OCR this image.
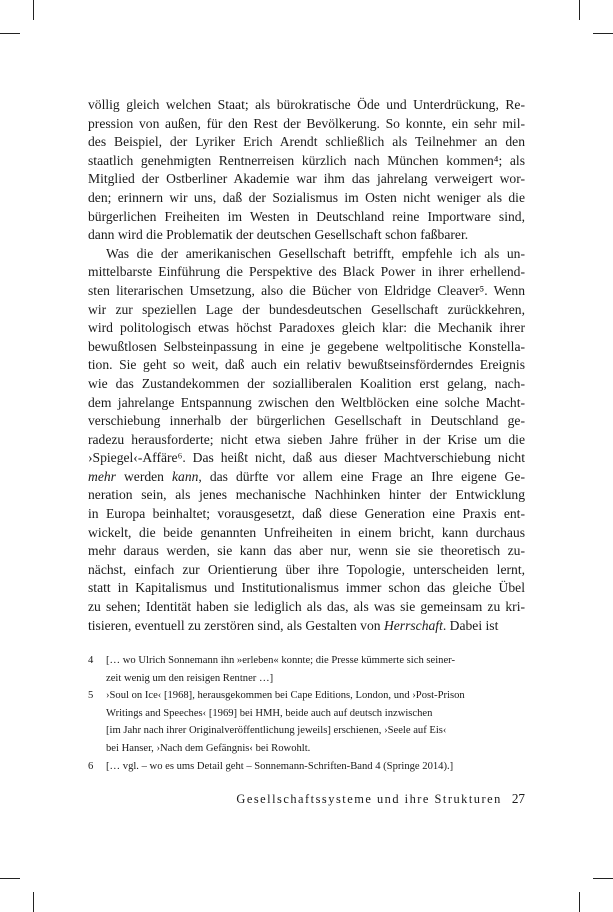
völlig gleich welchen Staat; als bürokratische Öde und Unterdrückung, Re-
pression von außen, für den Rest der Bevölkerung. So konnte, ein sehr mil-
des Beispiel, der Lyriker Erich Arendt schließlich als Teilnehmer an den
staatlich genehmigten Rentnerreisen kürzlich nach München kommen⁴; als
Mitglied der Ostberliner Akademie war ihm das jahrelang verweigert wor-
den; erinnern wir uns, daß der Sozialismus im Osten nicht weniger als die
bürgerlichen Freiheiten im Westen in Deutschland reine Importware sind,
dann wird die Problematik der deutschen Gesellschaft schon faßbarer.
Was die der amerikanischen Gesellschaft betrifft, empfehle ich als un-
mittelbarste Einführung die Perspektive des Black Power in ihrer erhellend-
sten literarischen Umsetzung, also die Bücher von Eldridge Cleaver⁵. Wenn
wir zur speziellen Lage der bundesdeutschen Gesellschaft zurückkehren,
wird politologisch etwas höchst Paradoxes gleich klar: die Mechanik ihrer
bewußtlosen Selbsteinpassung in eine je gegebene weltpolitische Konstella-
tion. Sie geht so weit, daß auch ein relativ bewußtseinsförderndes Ereignis
wie das Zustandekommen der sozialliberalen Koalition erst gelang, nach-
dem jahrelange Entspannung zwischen den Weltblöcken eine solche Macht-
verschiebung innerhalb der bürgerlichen Gesellschaft in Deutschland ge-
radezu herausforderte; nicht etwa sieben Jahre früher in der Krise um die
›Spiegel‹-Affäre⁶. Das heißt nicht, daß aus dieser Machtverschiebung nicht
mehr werden kann, das dürfte vor allem eine Frage an Ihre eigene Ge-
neration sein, als jenes mechanische Nachhinken hinter der Entwicklung
in Europa beinhaltet; vorausgesetzt, daß diese Generation eine Praxis ent-
wickelt, die beide genannten Unfreiheiten in einem bricht, kann durchaus
mehr daraus werden, sie kann das aber nur, wenn sie sie theoretisch zu-
nächst, einfach zur Orientierung über ihre Topologie, unterscheiden lernt,
statt in Kapitalismus und Institutionalismus immer schon das gleiche Übel
zu sehen; Identität haben sie lediglich als das, als was sie gemeinsam zu kri-
tisieren, eventuell zu zerstören sind, als Gestalten von Herrschaft. Dabei ist
4	[… wo Ulrich Sonnemann ihn »erleben« konnte; die Presse kümmerte sich seiner-
zeit wenig um den reisigen Rentner …]
5	›Soul on Ice‹ [1968], herausgekommen bei Cape Editions, London, und ›Post-Prison
Writings and Speeches‹ [1969] bei HMH, beide auch auf deutsch inzwischen
[im Jahr nach ihrer Originalveröffentlichung jeweils] erschienen, ›Seele auf Eis‹
bei Hanser, ›Nach dem Gefängnis‹ bei Rowohlt.
6	[… vgl. – wo es ums Detail geht – Sonnemann-Schriften-Band 4 (Springe 2014).]
Gesellschaftssysteme und ihre Strukturen 27
